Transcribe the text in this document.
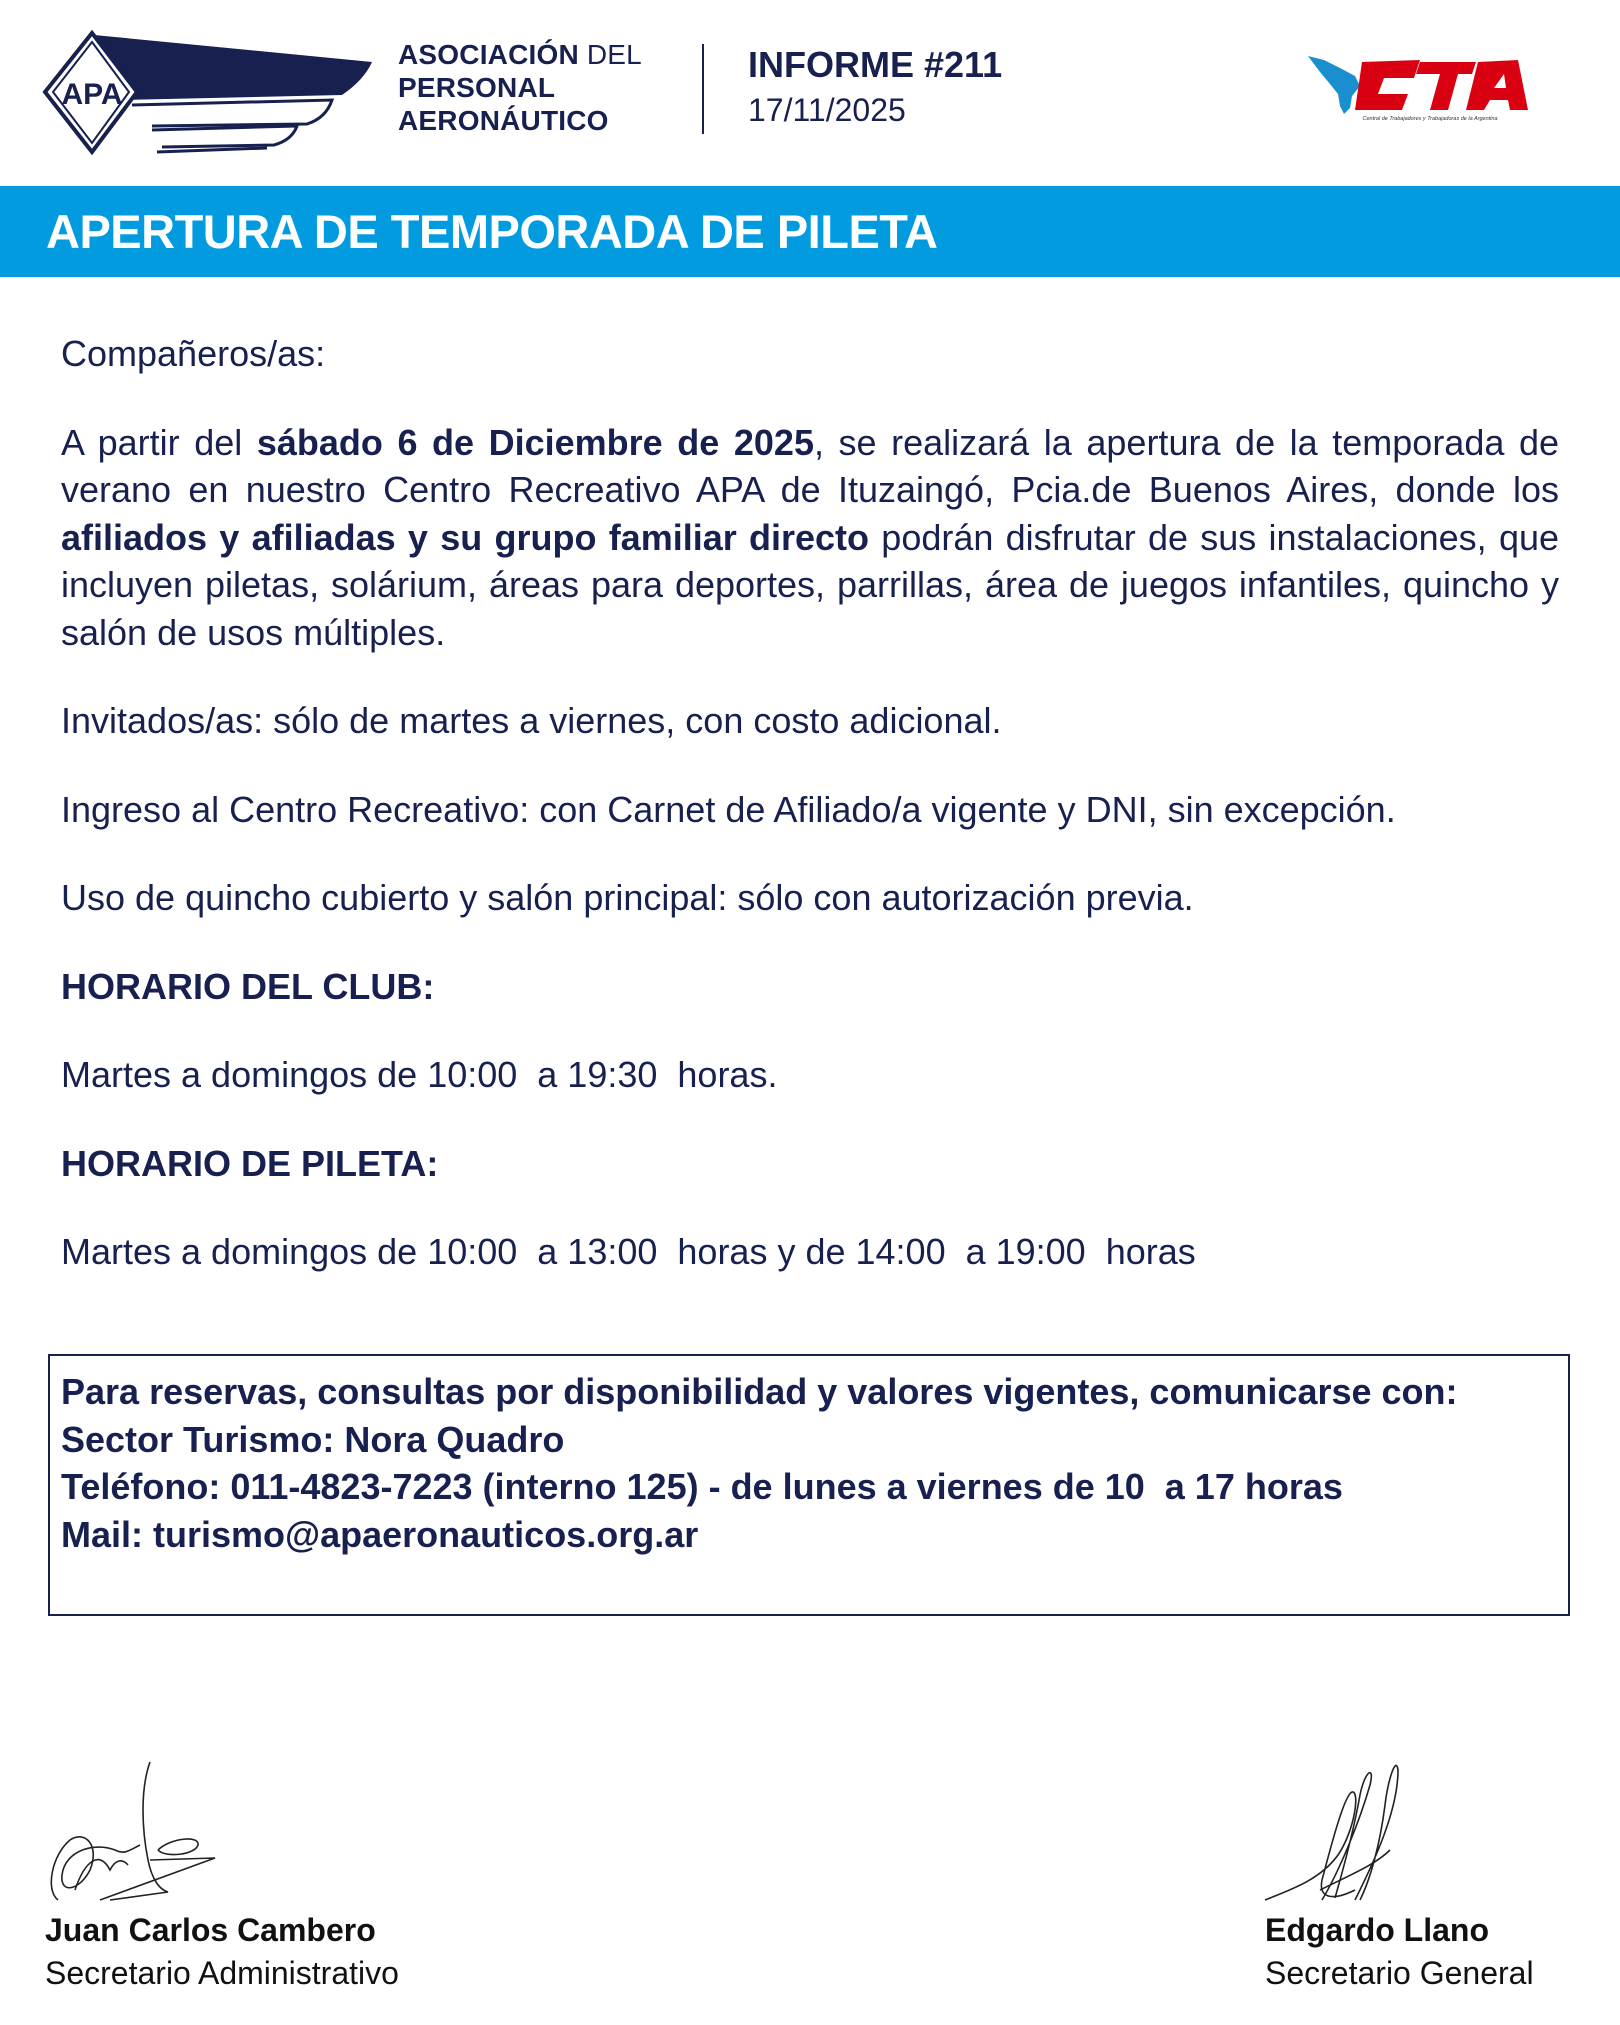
APA
ASOCIACIÓN DEL
PERSONAL
AERONÁUTICO
INFORME #211
17/11/2025	Central de Trabajadores y Trabajadoras de la Argentina
APERTURA DE TEMPORADA DE PILETA

Compañeros/as:

A partir del sábado 6 de Diciembre de 2025, se realizará la apertura de la temporada de verano en nuestro Centro Recreativo APA de Ituzaingó, Pcia.de Buenos Aires, donde los afiliados y afiliadas y su grupo familiar directo podrán disfrutar de sus instalaciones, que incluyen piletas, solárium, áreas para deportes, parrillas, área de juegos infantiles, quincho y salón de usos múltiples.

Invitados/as: sólo de martes a viernes, con costo adicional.

Ingreso al Centro Recreativo: con Carnet de Afiliado/a vigente y DNI, sin excepción.

Uso de quincho cubierto y salón principal: sólo con autorización previa.

HORARIO DEL CLUB:

Martes a domingos de 10:00  a 19:30  horas.

HORARIO DE PILETA:

Martes a domingos de 10:00  a 13:00  horas y de 14:00  a 19:00  horas

Para reservas, consultas por disponibilidad y valores vigentes, comunicarse con:
Sector Turismo: Nora Quadro
Teléfono: 011-4823-7223 (interno 125) - de lunes a viernes de 10  a 17 horas
Mail: turismo@apaeronauticos.org.ar
Juan Carlos Cambero
Secretario Administrativo
Edgardo Llano
Secretario General
